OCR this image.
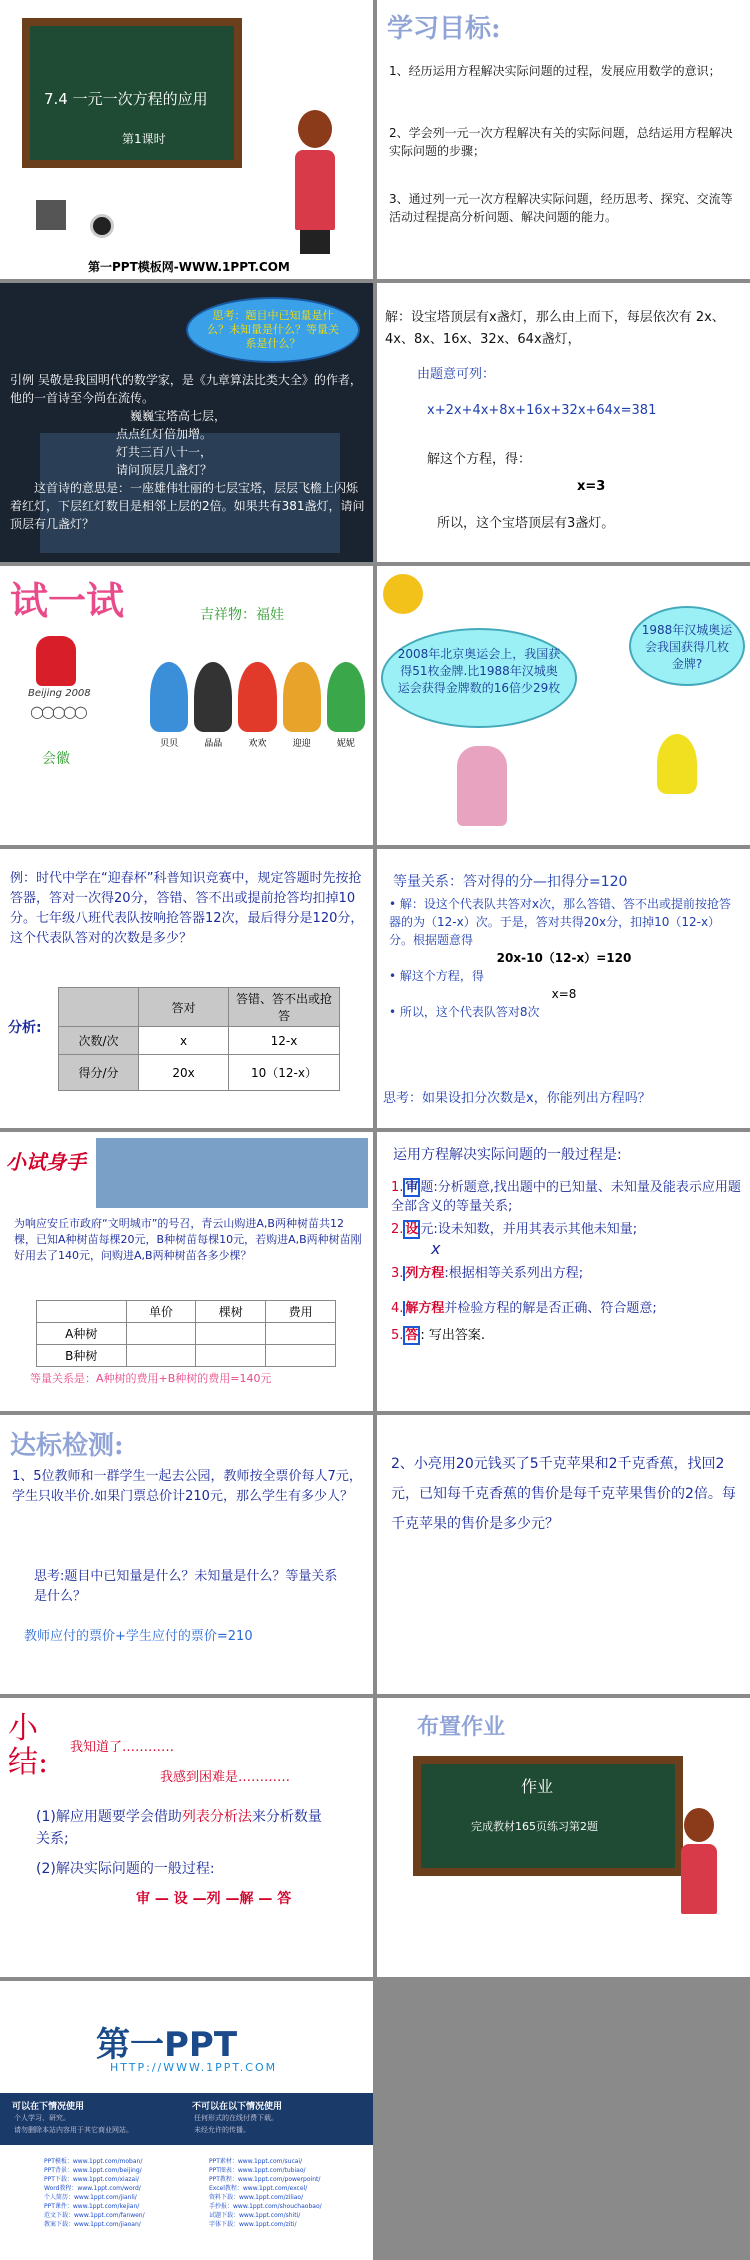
7.4 一元一次方程的应用
第1课时
第一PPT模板网-WWW.1PPT.COM
学习目标:
1、经历运用方程解决实际问题的过程，发展应用数学的意识；
2、学会列一元一次方程解决有关的实际问题，总结运用方程解决实际问题的步骤；
3、通过列一元一次方程解决实际问题，经历思考、探究、交流等活动过程提高分析问题、解决问题的能力。
思考：题目中已知量是什么？未知量是什么？等量关系是什么？
引例 吴敬是我国明代的数学家，是《九章算法比类大全》的作者，他的一首诗至今尚在流传。
巍巍宝塔高七层，
点点红灯倍加增。
灯共三百八十一，
请问顶层几盏灯？
这首诗的意思是：一座雄伟壮丽的七层宝塔，层层飞檐上闪烁着红灯，下层红灯数目是相邻上层的2倍。如果共有381盏灯，请问顶层有几盏灯？
解：设宝塔顶层有x盏灯，那么由上而下，每层依次有 2x、4x、8x、16x、32x、64x盏灯，
由题意可列：
x+2x+4x+8x+16x+32x+64x=381
解这个方程，得：
x=3
所以，这个宝塔顶层有3盏灯。
试一试	吉祥物：福娃
Beijing 2008
○○○○○
会徽
贝贝	晶晶	欢欢	迎迎	妮妮
2008年北京奥运会上，我国获得51枚金牌.比1988年汉城奥运会获得金牌数的16倍少29枚
1988年汉城奥运会我国获得几枚金牌?
例：时代中学在“迎春杯”科普知识竞赛中，规定答题时先按抢答器，答对一次得20分，答错、答不出或提前抢答均扣掉10分。七年级八班代表队按响抢答器12次，最后得分是120分，这个代表队答对的次数是多少？
分析:
	答对	答错、答不出或抢答
次数/次	x	12-x
得分/分	20x	10（12-x）
等量关系：答对得的分—扣得分=120
• 解：设这个代表队共答对x次，那么答错、答不出或提前按抢答器的为（12-x）次。于是，答对共得20x分，扣掉10（12-x）分。根据题意得
20x-10（12-x）=120
• 解这个方程，得
x=8
• 所以，这个代表队答对8次
思考：如果设扣分次数是x，你能列出方程吗？
小试身手
为响应安丘市政府“文明城市”的号召，青云山购进A,B两种树苗共12棵，已知A种树苗每棵20元，B种树苗每棵10元，若购进A,B两种树苗刚好用去了140元，问购进A,B两种树苗各多少棵？
	单价	棵树	费用
A种树			
B种树			
等量关系是：A种树的费用+B种树的费用=140元
运用方程解决实际问题的一般过程是:
1. 审 题:分析题意,找出题中的已知量、未知量及能表示应用题全部含义的等量关系;
2. 设 元:设未知数，并用其表示其他未知量;
x
3. 列方程:根据相等关系列出方程;
4. 解方程并检验方程的解是否正确、符合题意;
5. 答 : 写出答案.
达标检测:
1、5位教师和一群学生一起去公园，教师按全票价每人7元，学生只收半价.如果门票总价计210元，那么学生有多少人？
思考:题目中已知量是什么？未知量是什么？等量关系是什么？
教师应付的票价+学生应付的票价=210
2、小亮用20元钱买了5千克苹果和2千克香蕉，找回2元，已知每千克香蕉的售价是每千克苹果售价的2倍。每千克苹果的售价是多少元？
小结: 我知道了…………
我感到困难是…………
(1)解应用题要学会借助列表分析法来分析数量关系;
(2)解决实际问题的一般过程:
审 — 设 —列 —解 — 答
布置作业
作业
完成教材165页练习第2题
第一PPT
HTTP://WWW.1PPT.COM
可以在下情况使用
个人学习、研究。
请勿删除本站内容用于其它商业网站。
不可以在以下情况使用
任何形式的在线付费下载。
未经允许的传播。
PPT模板：www.1ppt.com/moban/	PPT素材：www.1ppt.com/sucai/
PPT背景：www.1ppt.com/beijing/	PPT图表：www.1ppt.com/tubiao/
PPT下载：www.1ppt.com/xiazai/	PPT教程：www.1ppt.com/powerpoint/
Word教程：www.1ppt.com/word/	Excel教程：www.1ppt.com/excel/
个人简历：www.1ppt.com/jianli/	资料下载：www.1ppt.com/ziliao/
PPT课件：www.1ppt.com/kejian/	手抄报：www.1ppt.com/shouchaobao/
范文下载：www.1ppt.com/fanwen/	试题下载：www.1ppt.com/shiti/
教案下载：www.1ppt.com/jiaoan/	字体下载：www.1ppt.com/ziti/
